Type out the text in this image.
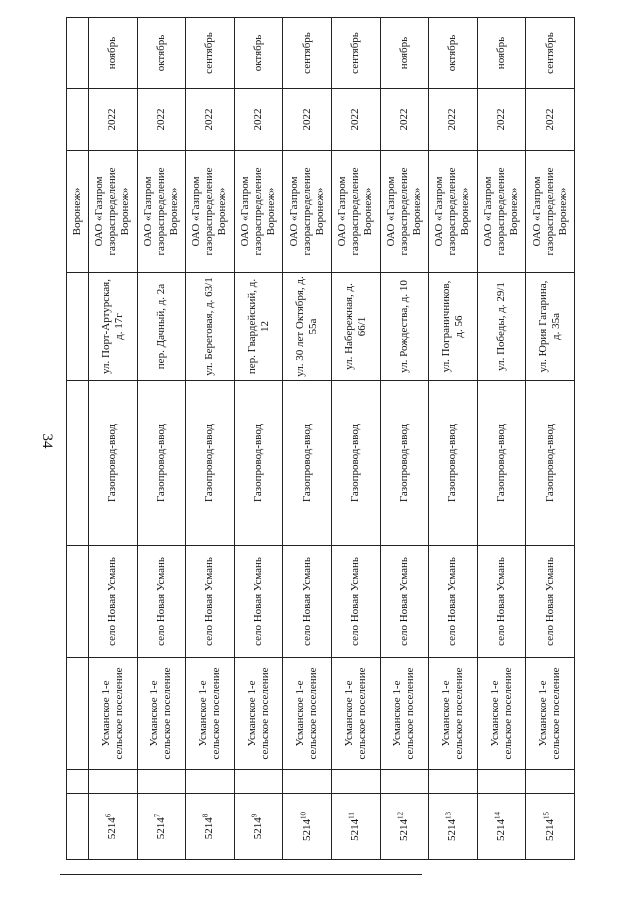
34
						Воронеж»		
5214$^6$		Усманское 1-е сельское поселение	село Новая Усмань	Газопровод-ввод	ул. Порт-Артурская, д. 17г	ОАО «Газпром газораспределение Воронеж»	2022	ноябрь
5214$^7$		Усманское 1-е сельское поселение	село Новая Усмань	Газопровод-ввод	пер. Дачный, д. 2а	ОАО «Газпром газораспределение Воронеж»	2022	октябрь
5214$^8$		Усманское 1-е сельское поселение	село Новая Усмань	Газопровод-ввод	ул. Береговая, д. 63/1	ОАО «Газпром газораспределение Воронеж»	2022	сентябрь
5214$^9$		Усманское 1-е сельское поселение	село Новая Усмань	Газопровод-ввод	пер. Гвардейский, д. 12	ОАО «Газпром газораспределение Воронеж»	2022	октябрь
5214$^{10}$		Усманское 1-е сельское поселение	село Новая Усмань	Газопровод-ввод	ул. 30 лет Октября, д. 55а	ОАО «Газпром газораспределение Воронеж»	2022	сентябрь
5214$^{11}$		Усманское 1-е сельское поселение	село Новая Усмань	Газопровод-ввод	ул. Набережная, д. 66/1	ОАО «Газпром газораспределение Воронеж»	2022	сентябрь
5214$^{12}$		Усманское 1-е сельское поселение	село Новая Усмань	Газопровод-ввод	ул. Рождества, д. 10	ОАО «Газпром газораспределение Воронеж»	2022	ноябрь
5214$^{13}$		Усманское 1-е сельское поселение	село Новая Усмань	Газопровод-ввод	ул. Пограничников, д. 56	ОАО «Газпром газораспределение Воронеж»	2022	октябрь
5214$^{14}$		Усманское 1-е сельское поселение	село Новая Усмань	Газопровод-ввод	ул. Победы, д. 29/1	ОАО «Газпром газораспределение Воронеж»	2022	ноябрь
5214$^{15}$		Усманское 1-е сельское поселение	село Новая Усмань	Газопровод-ввод	ул. Юрия Гагарина, д. 35а	ОАО «Газпром газораспределение Воронеж»	2022	сентябрь
